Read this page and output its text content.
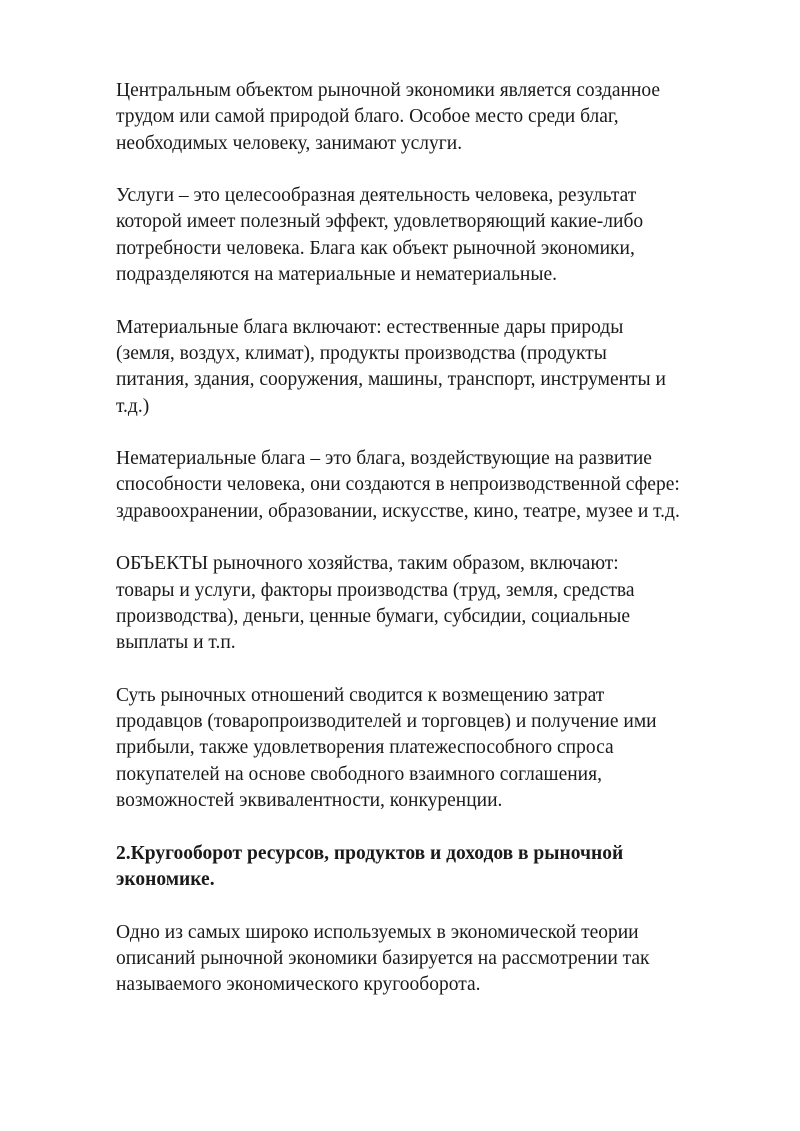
Центральным объектом рыночной экономики является созданное
трудом или самой природой благо. Особое место среди благ,
необходимых человеку, занимают услуги.

Услуги – это целесообразная деятельность человека, результат
которой имеет полезный эффект, удовлетворяющий какие-либо
потребности человека. Блага как объект рыночной экономики,
подразделяются на материальные и нематериальные.

Материальные блага включают: естественные дары природы
(земля, воздух, климат), продукты производства (продукты
питания, здания, сооружения, машины, транспорт, инструменты и
т.д.)

Нематериальные блага – это блага, воздействующие на развитие
способности человека, они создаются в непроизводственной сфере:
здравоохранении, образовании, искусстве, кино, театре, музее и т.д.

ОБЪЕКТЫ рыночного хозяйства, таким образом, включают:
товары и услуги, факторы производства (труд, земля, средства
производства), деньги, ценные бумаги, субсидии, социальные
выплаты и т.п.

Суть рыночных отношений сводится к возмещению затрат
продавцов (товаропроизводителей и торговцев) и получение ими
прибыли, также удовлетворения платежеспособного спроса
покупателей на основе свободного взаимного соглашения,
возможностей эквивалентности, конкуренции.

2.Кругооборот ресурсов, продуктов и доходов в рыночной
экономике.

Одно из самых широко используемых в экономической теории
описаний рыночной экономики базируется на рассмотрении так
называемого экономического кругооборота.
